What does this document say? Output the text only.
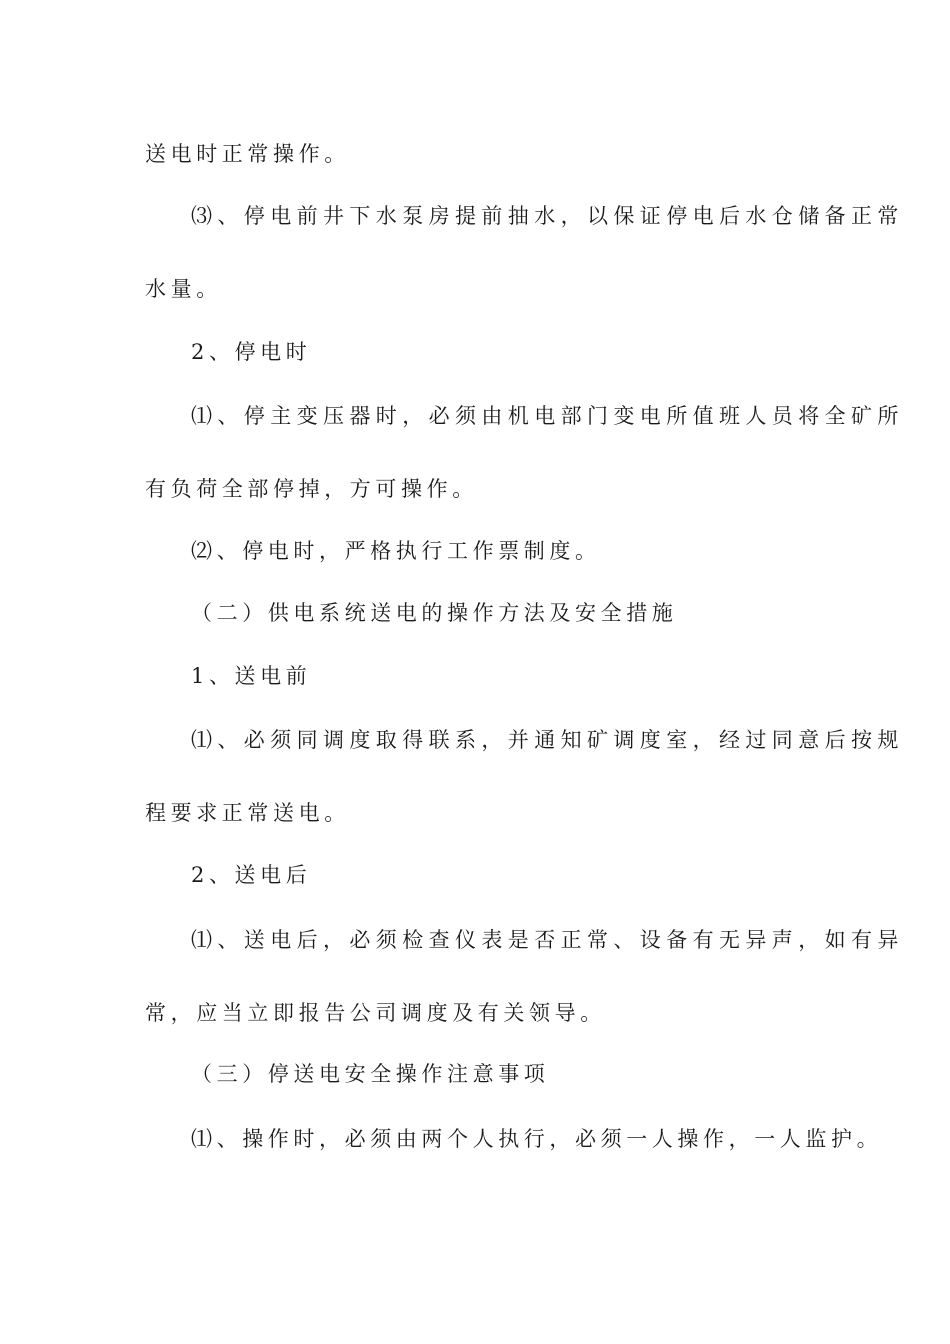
送电时正常操作。

⑶、停电前井下水泵房提前抽水，以保证停电后水仓储备正常

水量。

2、停电时

⑴、停主变压器时，必须由机电部门变电所值班人员将全矿所

有负荷全部停掉，方可操作。

⑵、停电时，严格执行工作票制度。

（二）供电系统送电的操作方法及安全措施

1、送电前

⑴、必须同调度取得联系，并通知矿调度室，经过同意后按规

程要求正常送电。

2、送电后

⑴、送电后，必须检查仪表是否正常、设备有无异声，如有异

常，应当立即报告公司调度及有关领导。

（三）停送电安全操作注意事项

⑴、操作时，必须由两个人执行，必须一人操作，一人监护。
